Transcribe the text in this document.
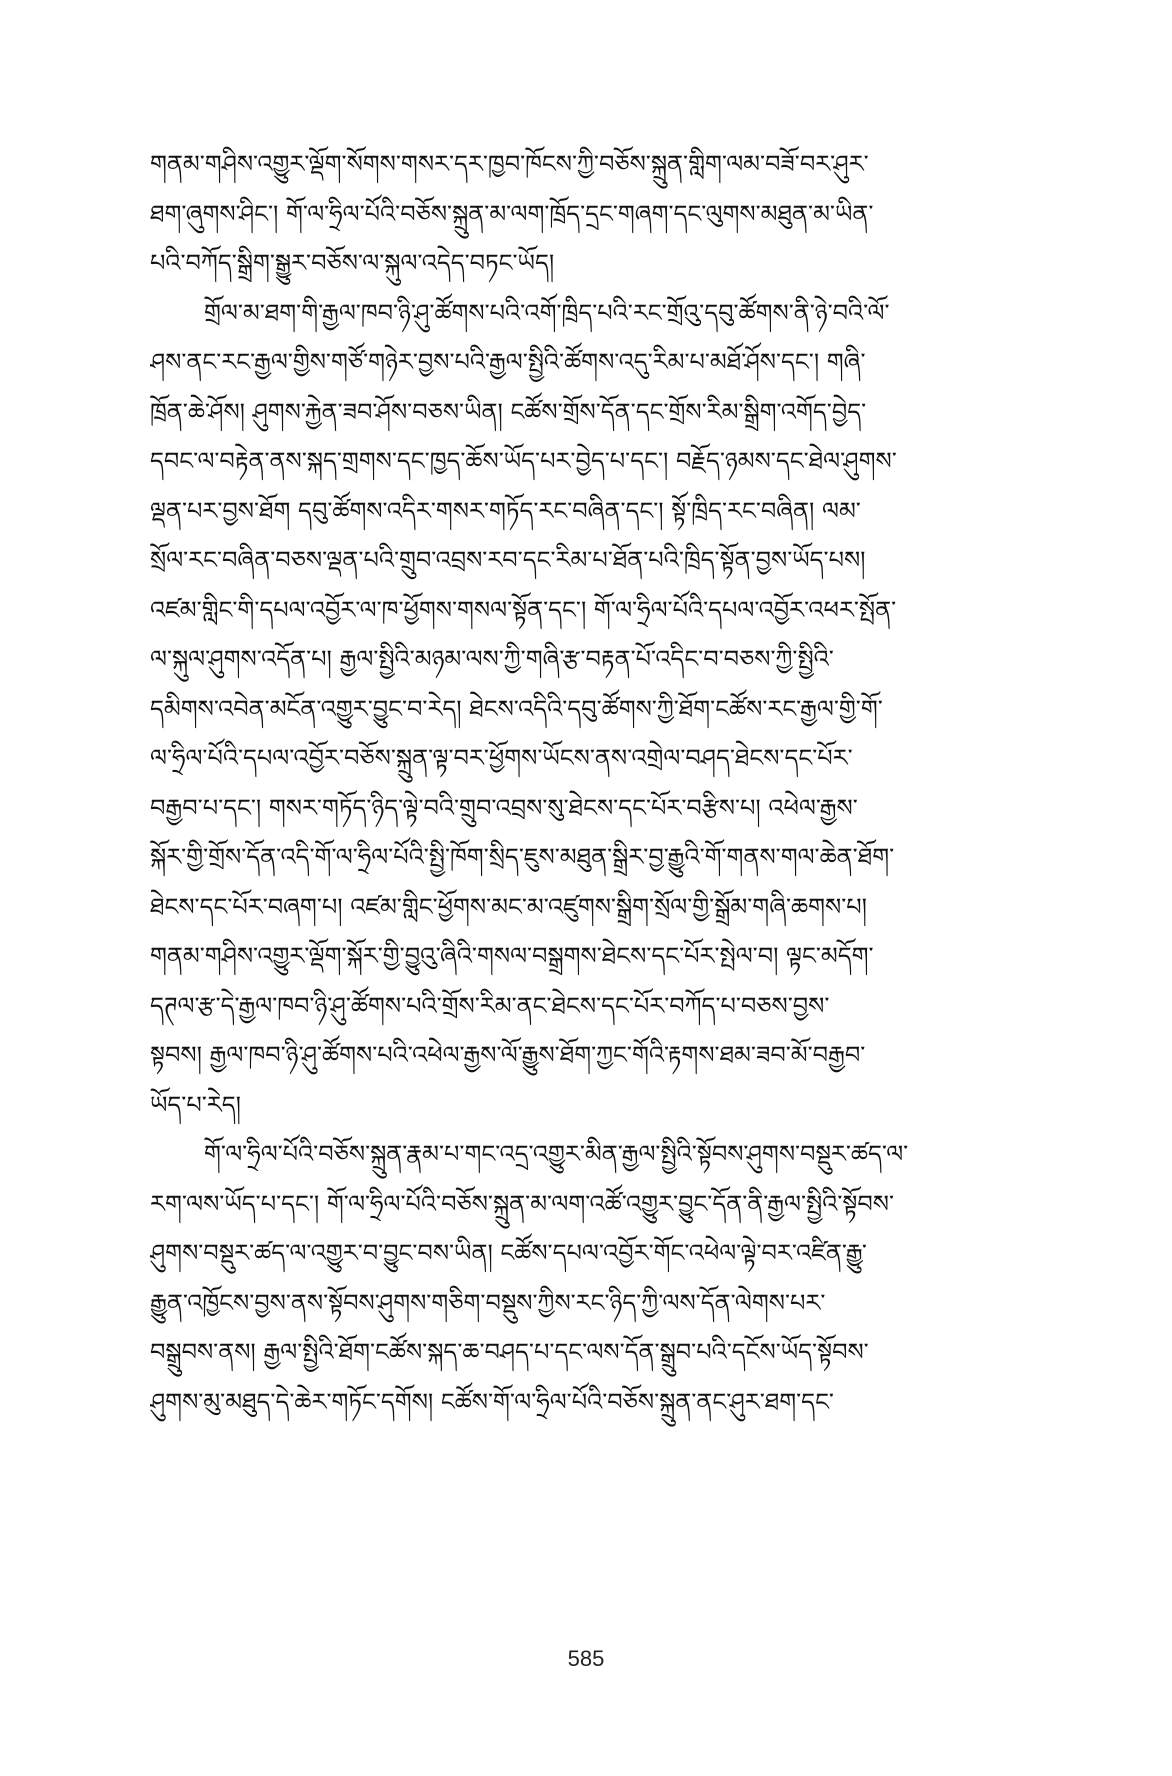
གནམ་གཤིས་འགྱུར་ལྡོག་སོགས་གསར་དར་ཁྱབ་ཁོངས་ཀྱི་བཅོས་སྐྲུན་གླིག་ལམ་བཟོ་བར་ཤུར་
ཐག་ཞུགས་ཤིང་། གོ་ལ་ཧྲིལ་པོའི་བཅོས་སྐྲུན་མ་ལག་ཁྲོད་དྲང་གཞག་དང་ལུགས་མཐུན་མ་ཡིན་
པའི་བཀོད་སྒྲིག་སྒྱུར་བཅོས་ལ་སྐུལ་འདེད་བཏང་ཡོད།
གྲོལ་མ་ཐག་གི་རྒྱལ་ཁབ་ཉི་ཤུ་ཚོགས་པའི་འགོ་ཁྲིད་པའི་རང་གྲོའུ་དབུ་ཚོགས་ནི་ཉེ་བའི་ལོ་
ཤས་ནང་རང་རྒྱལ་གྱིས་གཙོ་གཉེར་བྱས་པའི་རྒྱལ་སྤྱིའི་ཚོགས་འདུ་རིམ་པ་མཐོ་ཤོས་དང་། གཞི་
ཁྲོན་ཆེ་ཤོས། ཤུགས་རྐྱེན་ཟབ་ཤོས་བཅས་ཡིན། ངཚོས་གྲོས་དོན་དང་གྲོས་རིམ་སྒྲིག་འགོད་བྱེད་
དབང་ལ་བརྟེན་ནས་སྐད་གྲགས་དང་ཁྱད་ཆོས་ཡོད་པར་བྱེད་པ་དང་། བརྗོད་ཉམས་དང་ཐེལ་ཤུགས་
ལྡན་པར་བྱས་ཐོག དབུ་ཚོགས་འདིར་གསར་གཏོད་རང་བཞིན་དང་། སྟོ་ཁྲིད་རང་བཞིན། ལམ་
སྲོལ་རང་བཞིན་བཅས་ལྡན་པའི་གྲུབ་འབྲས་རབ་དང་རིམ་པ་ཐོན་པའི་ཁྲིད་སྟོན་བྱས་ཡོད་པས།
འཛམ་གླིང་གི་དཔལ་འབྱོར་ལ་ཁ་ཕྱོགས་གསལ་སྟོན་དང་། གོ་ལ་ཧྲིལ་པོའི་དཔལ་འབྱོར་འཕར་སྤོན་
ལ་སྐུལ་ཤུགས་འདོན་པ། རྒྱལ་སྤྱིའི་མཉམ་ལས་ཀྱི་གཞི་རྩ་བརྟན་པོ་འདིང་བ་བཅས་ཀྱི་སྤྱིའི་
དམིགས་འབེན་མངོན་འགྱུར་བྱུང་བ་རེད། ཐེངས་འདིའི་དབུ་ཚོགས་ཀྱི་ཐོག་ངཚོས་རང་རྒྱལ་གྱི་གོ་
ལ་ཧྲིལ་པོའི་དཔལ་འབྱོར་བཅོས་སྐྲུན་ལྟ་བར་ཕྱོགས་ཡོངས་ནས་འགྲེལ་བཤད་ཐེངས་དང་པོར་
བརྒྱབ་པ་དང་། གསར་གཏོད་ཉིད་ལྟེ་བའི་གྲུབ་འབྲས་སུ་ཐེངས་དང་པོར་བརྩིས་པ། འཕེལ་རྒྱས་
སྐོར་གྱི་གྲོས་དོན་འདི་གོ་ལ་ཧྲིལ་པོའི་སྤྱི་ཁོག་སྲིད་ཇུས་མཐུན་སྒྲིར་བྱ་རྒྱུའི་གོ་གནས་གལ་ཆེན་ཐོག་
ཐེངས་དང་པོར་བཞག་པ། འཛམ་གླིང་ཕྱོགས་མང་མ་འཛུགས་སྒྲིག་སྲོལ་གྱི་སྒྲོམ་གཞི་ཆགས་པ།
གནམ་གཤིས་འགྱུར་ལྡོག་སྐོར་གྱི་བྱུའུ་ཞིའི་གསལ་བསྒྲགས་ཐེངས་དང་པོར་སྤེལ་བ། ལྟང་མདོག་
དཊལ་རྩ་དེ་རྒྱལ་ཁབ་ཉི་ཤུ་ཚོགས་པའི་གྲོས་རིམ་ནང་ཐེངས་དང་པོར་བཀོད་པ་བཅས་བྱས་
སྟབས། རྒྱལ་ཁབ་ཉི་ཤུ་ཚོགས་པའི་འཕེལ་རྒྱས་ལོ་རྒྱུས་ཐོག་ཀྱང་གོའི་རྟགས་ཐམ་ཟབ་མོ་བརྒྱབ་
ཡོད་པ་རེད།
གོ་ལ་ཧྲིལ་པོའི་བཅོས་སྐྲུན་རྣམ་པ་གང་འདྲ་འགྱུར་མིན་རྒྱལ་སྤྱིའི་སྟོབས་ཤུགས་བསྡུར་ཚད་ལ་
རག་ལས་ཡོད་པ་དང་། གོ་ལ་ཧྲིལ་པོའི་བཅོས་སྐྲུན་མ་ལག་འཚོ་འགྱུར་བྱུང་དོན་ནི་རྒྱལ་སྤྱིའི་སྟོབས་
ཤུགས་བསྡུར་ཚད་ལ་འགྱུར་བ་བྱུང་བས་ཡིན། ངཚོས་དཔལ་འབྱོར་གོང་འཕེལ་ལྟེ་བར་འཛིན་རྒྱུ་
རྒྱུན་འཁྱོངས་བྱས་ནས་སྟོབས་ཤུགས་གཅིག་བསྡུས་ཀྱིས་རང་ཉིད་ཀྱི་ལས་དོན་ལེགས་པར་
བསྒྲུབས་ནས། རྒྱལ་སྤྱིའི་ཐོག་ངཚོས་སྐད་ཆ་བཤད་པ་དང་ལས་དོན་སྒྲུབ་པའི་དངོས་ཡོད་སྟོབས་
ཤུགས་མུ་མཐུད་དེ་ཆེར་གཏོང་དགོས། ངཚོས་གོ་ལ་ཧྲིལ་པོའི་བཅོས་སྐྲུན་ནང་ཤུར་ཐག་དང་
585
